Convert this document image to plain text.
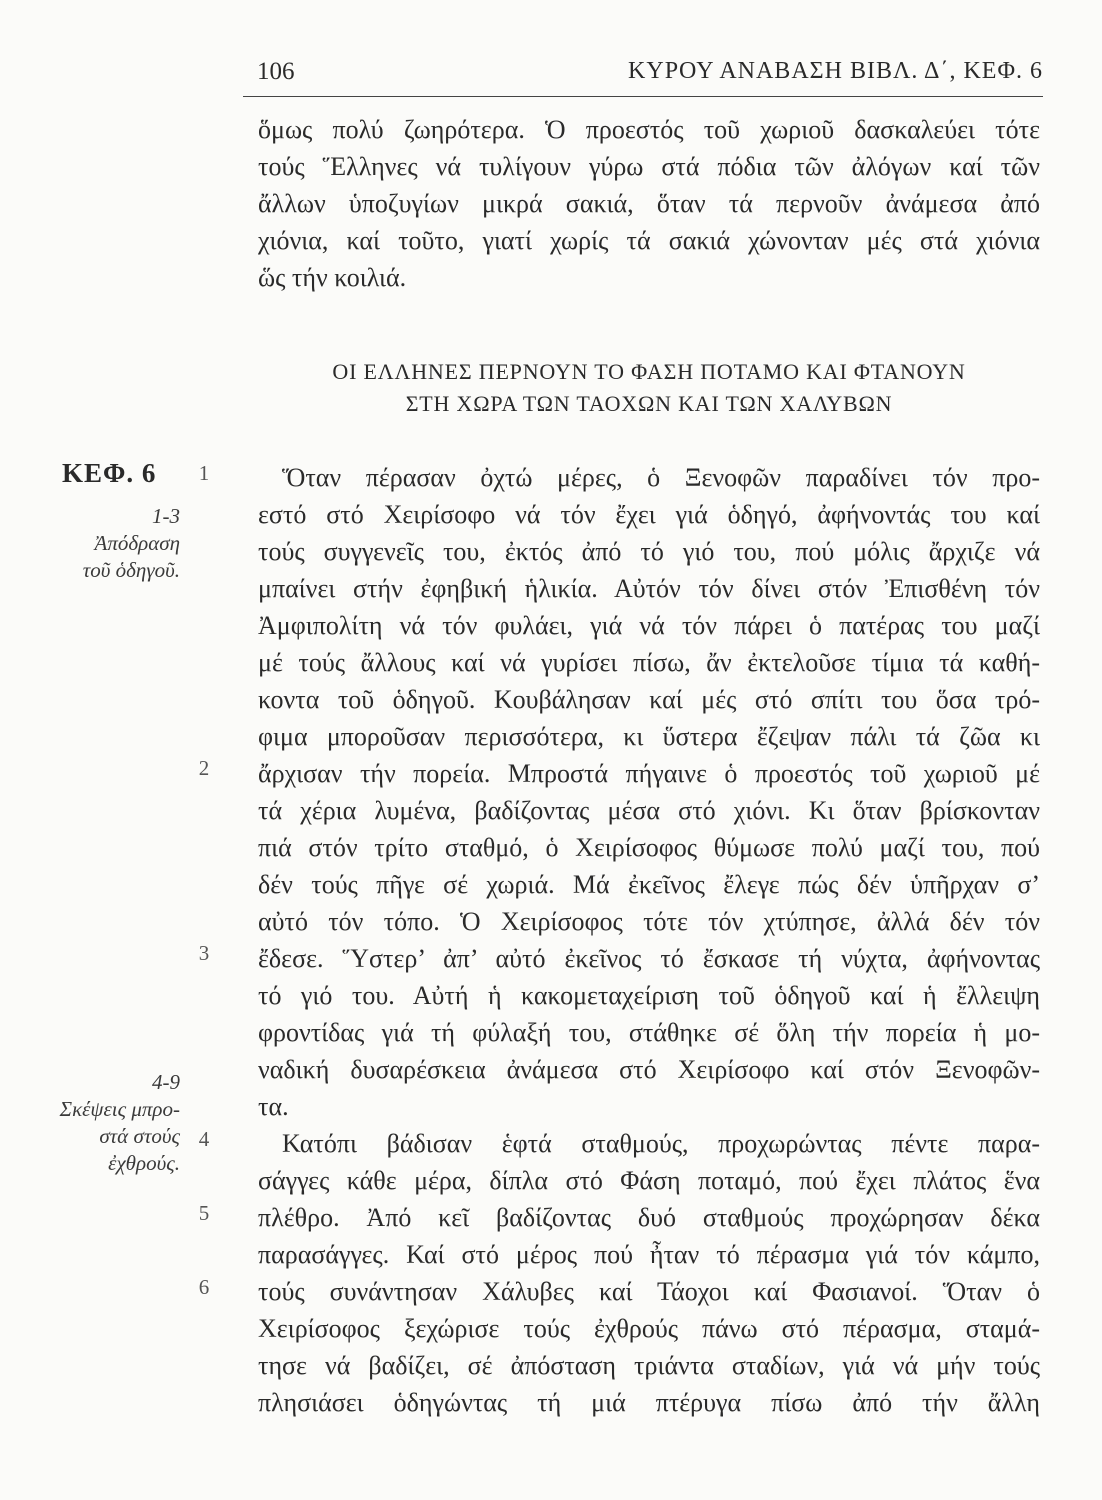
106	ΚΥΡΟΥ ΑΝΑΒΑΣΗ ΒΙΒΛ. Δ΄, ΚΕΦ. 6
ὅμως πολύ ζωηρότερα. Ὁ προεστός τοῦ χωριοῦ δασκαλεύει τότε
τούς Ἕλληνες νά τυλίγουν γύρω στά πόδια τῶν ἀλόγων καί τῶν
ἄλλων ὑποζυγίων μικρά σακιά, ὅταν τά περνοῦν ἀνάμεσα ἀπό
χιόνια, καί τοῦτο, γιατί χωρίς τά σακιά χώνονταν μές στά χιόνια
ὥς τήν κοιλιά.
ΟΙ ΕΛΛΗΝΕΣ ΠΕΡΝΟΥΝ ΤΟ ΦΑΣΗ ΠΟΤΑΜΟ ΚΑΙ ΦΤΑΝΟΥΝ
ΣΤΗ ΧΩΡΑ ΤΩΝ ΤΑΟΧΩΝ ΚΑΙ ΤΩΝ ΧΑΛΥΒΩΝ
ΚΕΦ. 6
1-3
Ἀπόδραση
τοῦ ὁδηγοῦ.
4-9
Σκέψεις μπρο-
στά στούς
ἐχθρούς.
1
2
3
4
5
6
Ὅταν πέρασαν ὀχτώ μέρες, ὁ Ξενοφῶν παραδίνει τόν προ-
εστό στό Χειρίσοφο νά τόν ἔχει γιά ὁδηγό, ἀφήνοντάς του καί
τούς συγγενεῖς του, ἐκτός ἀπό τό γιό του, πού μόλις ἄρχιζε νά
μπαίνει στήν ἐφηβική ἡλικία. Αὐτόν τόν δίνει στόν Ἐπισθένη τόν
Ἀμφιπολίτη νά τόν φυλάει, γιά νά τόν πάρει ὁ πατέρας του μαζί
μέ τούς ἄλλους καί νά γυρίσει πίσω, ἄν ἐκτελοῦσε τίμια τά καθή-
κοντα τοῦ ὁδηγοῦ. Κουβάλησαν καί μές στό σπίτι του ὅσα τρό-
φιμα μποροῦσαν περισσότερα, κι ὕστερα ἔζεψαν πάλι τά ζῶα κι
ἄρχισαν τήν πορεία. Μπροστά πήγαινε ὁ προεστός τοῦ χωριοῦ μέ
τά χέρια λυμένα, βαδίζοντας μέσα στό χιόνι. Κι ὅταν βρίσκονταν
πιά στόν τρίτο σταθμό, ὁ Χειρίσοφος θύμωσε πολύ μαζί του, πού
δέν τούς πῆγε σέ χωριά. Μά ἐκεῖνος ἔλεγε πώς δέν ὑπῆρχαν σ’
αὐτό τόν τόπο. Ὁ Χειρίσοφος τότε τόν χτύπησε, ἀλλά δέν τόν
ἔδεσε. Ὕστερ’ ἀπ’ αὐτό ἐκεῖνος τό ἔσκασε τή νύχτα, ἀφήνοντας
τό γιό του. Αὐτή ἡ κακομεταχείριση τοῦ ὁδηγοῦ καί ἡ ἔλλειψη
φροντίδας γιά τή φύλαξή του, στάθηκε σέ ὅλη τήν πορεία ἡ μο-
ναδική δυσαρέσκεια ἀνάμεσα στό Χειρίσοφο καί στόν Ξενοφῶν-
τα.
Κατόπι βάδισαν ἑφτά σταθμούς, προχωρώντας πέντε παρα-
σάγγες κάθε μέρα, δίπλα στό Φάση ποταμό, πού ἔχει πλάτος ἕνα
πλέθρο. Ἀπό κεῖ βαδίζοντας δυό σταθμούς προχώρησαν δέκα
παρασάγγες. Καί στό μέρος πού ἦταν τό πέρασμα γιά τόν κάμπο,
τούς συνάντησαν Χάλυβες καί Τάοχοι καί Φασιανοί. Ὅταν ὁ
Χειρίσοφος ξεχώρισε τούς ἐχθρούς πάνω στό πέρασμα, σταμά-
τησε νά βαδίζει, σέ ἀπόσταση τριάντα σταδίων, γιά νά μήν τούς
πλησιάσει ὁδηγώντας τή μιά πτέρυγα πίσω ἀπό τήν ἄλλη
